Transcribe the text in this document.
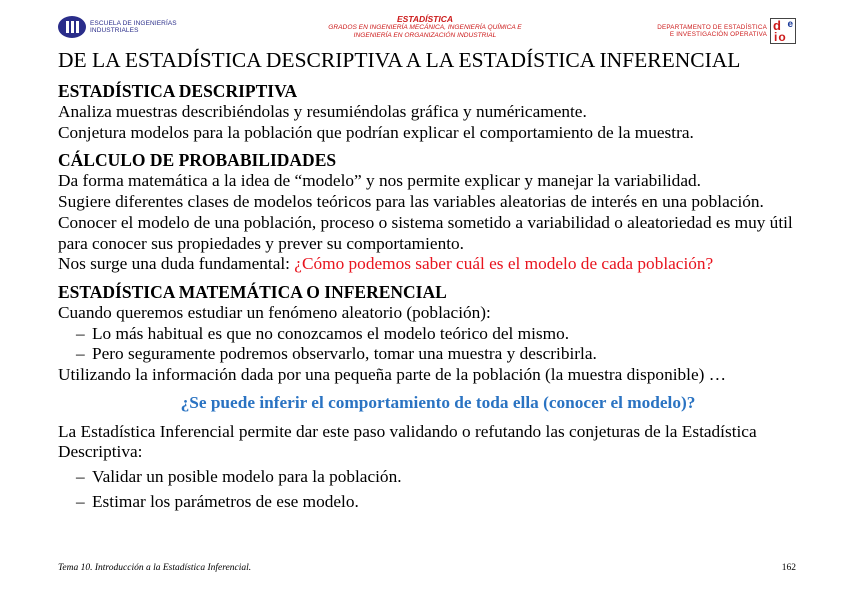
ESCUELA DE INGENIERÍAS
INDUSTRIALES
ESTADÍSTICA
GRADOS EN INGENIERÍA MECÁNICA, INGENIERÍA QUÍMICA E
INGENIERÍA EN ORGANIZACIÓN INDUSTRIAL
DEPARTAMENTO DE ESTADÍSTICA
E INVESTIGACIÓN OPERATIVA
d e
io
DE LA ESTADÍSTICA DESCRIPTIVA A LA ESTADÍSTICA INFERENCIAL
ESTADÍSTICA DESCRIPTIVA
Analiza muestras describiéndolas y resumiéndolas gráfica y numéricamente.
Conjetura modelos para la población que podrían explicar el comportamiento de la muestra.
CÁLCULO DE PROBABILIDADES
Da forma matemática a la idea de “modelo” y nos permite explicar y manejar la variabilidad.
Sugiere diferentes clases de modelos teóricos para las variables aleatorias de interés en una población.
Conocer el modelo de una población, proceso o sistema sometido a variabilidad o aleatoriedad es muy útil para conocer sus propiedades y prever su comportamiento.
Nos surge una duda fundamental: ¿Cómo podemos saber cuál es el modelo de cada población?
ESTADÍSTICA MATEMÁTICA O INFERENCIAL
Cuando queremos estudiar un fenómeno aleatorio (población):
– Lo más habitual es que no conozcamos el modelo teórico del mismo.
– Pero seguramente podremos observarlo, tomar una muestra y describirla.
Utilizando la información dada por una pequeña parte de la población (la muestra disponible) …
¿Se puede inferir el comportamiento de toda ella (conocer el modelo)?
La Estadística Inferencial permite dar este paso validando o refutando las conjeturas de la Estadística Descriptiva:
– Validar un posible modelo para la población.
– Estimar los parámetros de ese modelo.
Tema 10. Introducción a la Estadística Inferencial.	162
